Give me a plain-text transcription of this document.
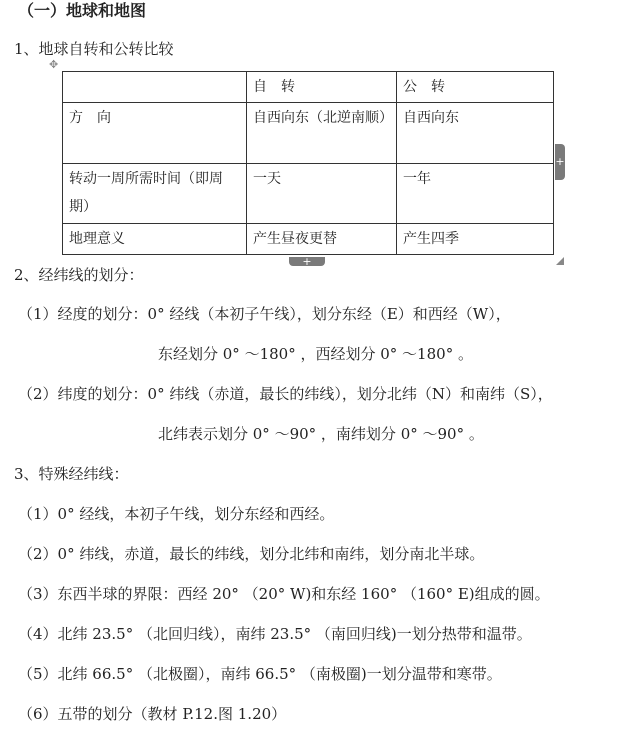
（一）地球和地图
1、地球自转和公转比较
✥
	自　转	公　转
方　向	自西向东（北逆南顺）	自西向东
转动一周所需时间（即周期）	一天	一年
地理意义	产生昼夜更替	产生四季
+
+
2、经纬线的划分：
（1）经度的划分：0° 经线（本初子午线），划分东经（E）和西经（W），
东经划分 0° ～180° ，西经划分 0° ～180° 。
（2）纬度的划分：0° 纬线（赤道，最长的纬线），划分北纬（N）和南纬（S），
北纬表示划分 0° ～90° ，南纬划分 0° ～90° 。
3、特殊经纬线：
（1）0° 经线，本初子午线，划分东经和西经。
（2）0° 纬线，赤道，最长的纬线，划分北纬和南纬，划分南北半球。
（3）东西半球的界限：西经 20° （20° W)和东经 160° （160° E)组成的圆。
（4）北纬 23.5° （北回归线），南纬 23.5° （南回归线)一划分热带和温带。
（5）北纬 66.5° （北极圈），南纬 66.5° （南极圈)一划分温带和寒带。
（6）五带的划分（教材 P.12.图 1.20）
